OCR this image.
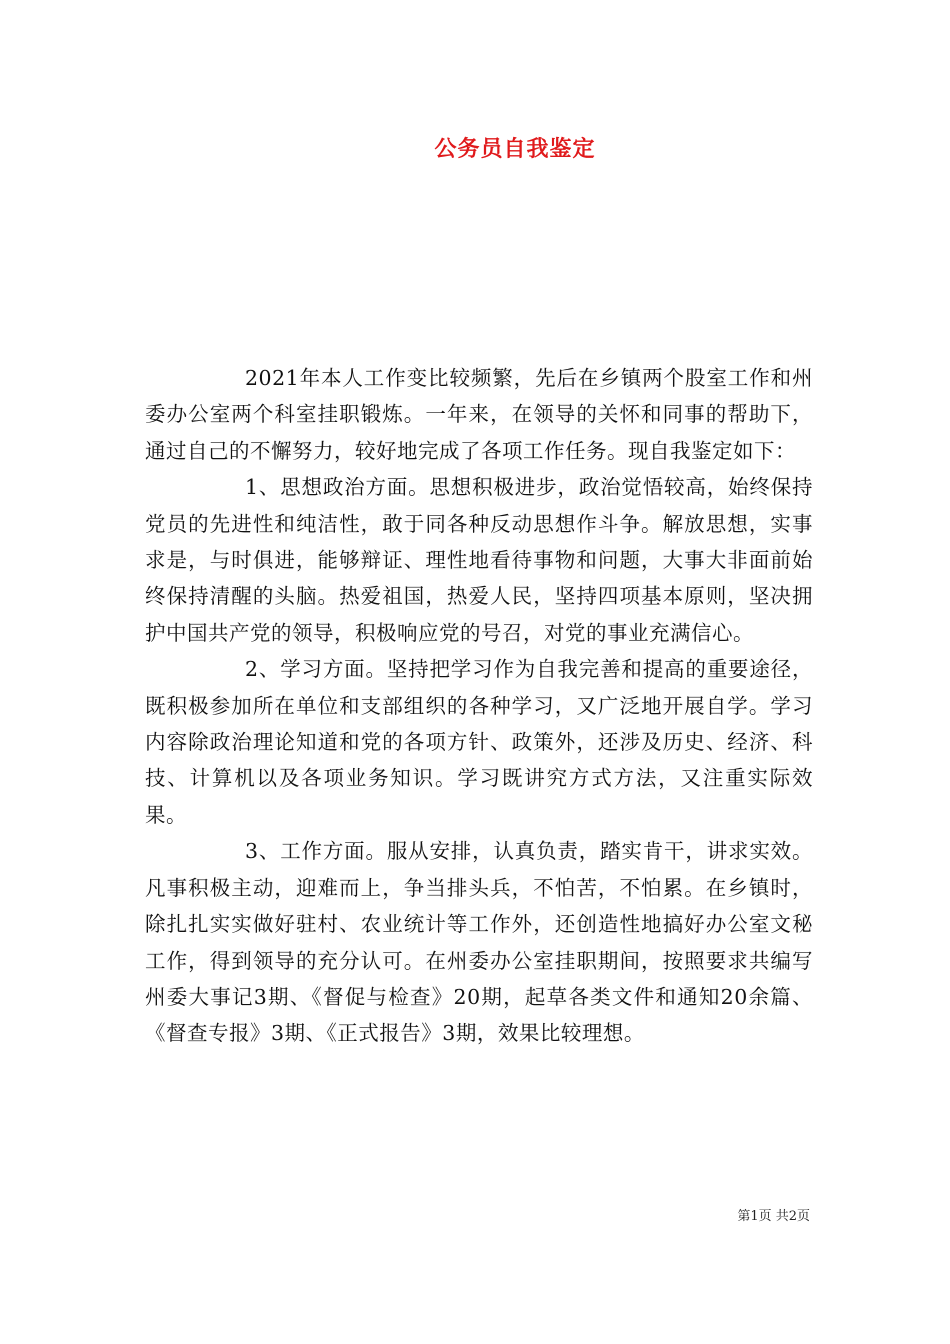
公务员自我鉴定

2021年本人工作变比较频繁，先后在乡镇两个股室工作和州委办公室两个科室挂职锻炼。一年来，在领导的关怀和同事的帮助下，通过自己的不懈努力，较好地完成了各项工作任务。现自我鉴定如下：

1、思想政治方面。思想积极进步，政治觉悟较高，始终保持党员的先进性和纯洁性，敢于同各种反动思想作斗争。解放思想，实事求是，与时俱进，能够辩证、理性地看待事物和问题，大事大非面前始终保持清醒的头脑。热爱祖国，热爱人民，坚持四项基本原则，坚决拥护中国共产党的领导，积极响应党的号召，对党的事业充满信心。

2、学习方面。坚持把学习作为自我完善和提高的重要途径，既积极参加所在单位和支部组织的各种学习，又广泛地开展自学。学习内容除政治理论知道和党的各项方针、政策外，还涉及历史、经济、科技、计算机以及各项业务知识。学习既讲究方式方法，又注重实际效果。

3、工作方面。服从安排，认真负责，踏实肯干，讲求实效。凡事积极主动，迎难而上，争当排头兵，不怕苦，不怕累。在乡镇时，除扎扎实实做好驻村、农业统计等工作外，还创造性地搞好办公室文秘工作，得到领导的充分认可。在州委办公室挂职期间，按照要求共编写州委大事记3期、《督促与检查》20期，起草各类文件和通知20余篇、《督查专报》3期、《正式报告》3期，效果比较理想。

第1页 共2页
